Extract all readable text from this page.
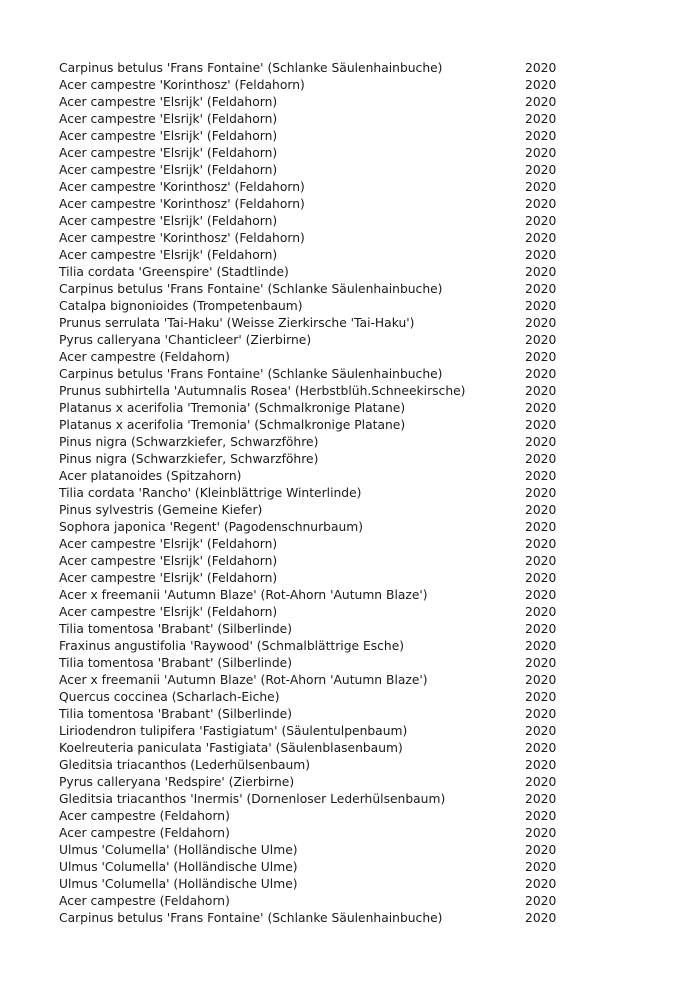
Carpinus betulus 'Frans Fontaine' (Schlanke Säulenhainbuche)	2020
Acer campestre 'Korinthosz' (Feldahorn)	2020
Acer campestre 'Elsrijk' (Feldahorn)	2020
Acer campestre 'Elsrijk' (Feldahorn)	2020
Acer campestre 'Elsrijk' (Feldahorn)	2020
Acer campestre 'Elsrijk' (Feldahorn)	2020
Acer campestre 'Elsrijk' (Feldahorn)	2020
Acer campestre 'Korinthosz' (Feldahorn)	2020
Acer campestre 'Korinthosz' (Feldahorn)	2020
Acer campestre 'Elsrijk' (Feldahorn)	2020
Acer campestre 'Korinthosz' (Feldahorn)	2020
Acer campestre 'Elsrijk' (Feldahorn)	2020
Tilia cordata 'Greenspire' (Stadtlinde)	2020
Carpinus betulus 'Frans Fontaine' (Schlanke Säulenhainbuche)	2020
Catalpa bignonioides (Trompetenbaum)	2020
Prunus serrulata 'Tai-Haku' (Weisse Zierkirsche 'Tai-Haku')	2020
Pyrus calleryana 'Chanticleer' (Zierbirne)	2020
Acer campestre (Feldahorn)	2020
Carpinus betulus 'Frans Fontaine' (Schlanke Säulenhainbuche)	2020
Prunus subhirtella 'Autumnalis Rosea' (Herbstblüh.Schneekirsche)	2020
Platanus x acerifolia 'Tremonia' (Schmalkronige Platane)	2020
Platanus x acerifolia 'Tremonia' (Schmalkronige Platane)	2020
Pinus nigra (Schwarzkiefer, Schwarzföhre)	2020
Pinus nigra (Schwarzkiefer, Schwarzföhre)	2020
Acer platanoides (Spitzahorn)	2020
Tilia cordata 'Rancho' (Kleinblättrige Winterlinde)	2020
Pinus sylvestris (Gemeine Kiefer)	2020
Sophora japonica 'Regent' (Pagodenschnurbaum)	2020
Acer campestre 'Elsrijk' (Feldahorn)	2020
Acer campestre 'Elsrijk' (Feldahorn)	2020
Acer campestre 'Elsrijk' (Feldahorn)	2020
Acer x freemanii 'Autumn Blaze' (Rot-Ahorn 'Autumn Blaze')	2020
Acer campestre 'Elsrijk' (Feldahorn)	2020
Tilia tomentosa 'Brabant' (Silberlinde)	2020
Fraxinus angustifolia 'Raywood' (Schmalblättrige Esche)	2020
Tilia tomentosa 'Brabant' (Silberlinde)	2020
Acer x freemanii 'Autumn Blaze' (Rot-Ahorn 'Autumn Blaze')	2020
Quercus coccinea (Scharlach-Eiche)	2020
Tilia tomentosa 'Brabant' (Silberlinde)	2020
Liriodendron tulipifera 'Fastigiatum' (Säulentulpenbaum)	2020
Koelreuteria paniculata 'Fastigiata' (Säulenblasenbaum)	2020
Gleditsia triacanthos (Lederhülsenbaum)	2020
Pyrus calleryana 'Redspire' (Zierbirne)	2020
Gleditsia triacanthos 'Inermis' (Dornenloser Lederhülsenbaum)	2020
Acer campestre (Feldahorn)	2020
Acer campestre (Feldahorn)	2020
Ulmus 'Columella' (Holländische Ulme)	2020
Ulmus 'Columella' (Holländische Ulme)	2020
Ulmus 'Columella' (Holländische Ulme)	2020
Acer campestre (Feldahorn)	2020
Carpinus betulus 'Frans Fontaine' (Schlanke Säulenhainbuche)	2020
